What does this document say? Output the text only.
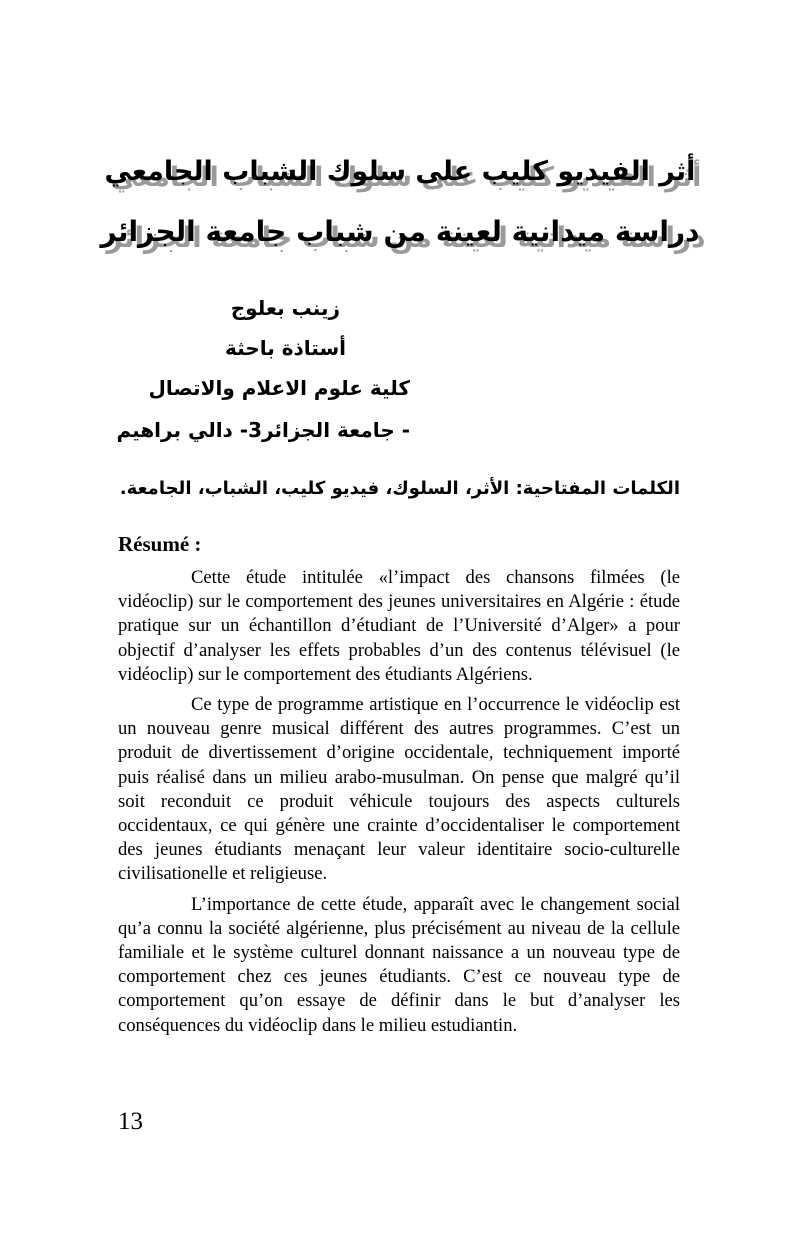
أثر الفيديو كليب على سلوك الشباب الجامعي
دراسة ميدانية لعينة من شباب جامعة الجزائر
زينب بعلوج
أستاذة باحثة
كلية علوم الاعلام والاتصال
- جامعة الجزائر3- دالي براهيم
الكلمات المفتاحية: الأثر، السلوك، فيديو كليب، الشباب، الجامعة.
Résumé :

Cette étude intitulée «l’impact des chansons filmées (le vidéoclip) sur le comportement des jeunes universitaires en Algérie : étude pratique sur un échantillon d’étudiant de l’Université d’Alger» a pour objectif d’analyser les effets probables d’un des contenus télévisuel (le vidéoclip) sur le comportement des étudiants Algériens.

Ce type de programme artistique en l’occurrence le vidéoclip est un nouveau genre musical différent des autres programmes. C’est un produit de divertissement d’origine occidentale, techniquement importé puis réalisé dans un milieu arabo-musulman. On pense que malgré qu’il soit reconduit ce produit véhicule toujours des aspects culturels occidentaux, ce qui génère une crainte d’occidentaliser le comportement des jeunes étudiants menaçant leur valeur identitaire socio-culturelle civilisationelle et religieuse.

L’importance de cette étude, apparaît avec le changement social qu’a connu la société algérienne, plus précisément au niveau de la cellule familiale et le système culturel donnant naissance a un nouveau type de comportement chez ces jeunes étudiants. C’est ce nouveau type de comportement qu’on essaye de définir dans le but d’analyser les conséquences du vidéoclip dans le milieu estudiantin.

13
